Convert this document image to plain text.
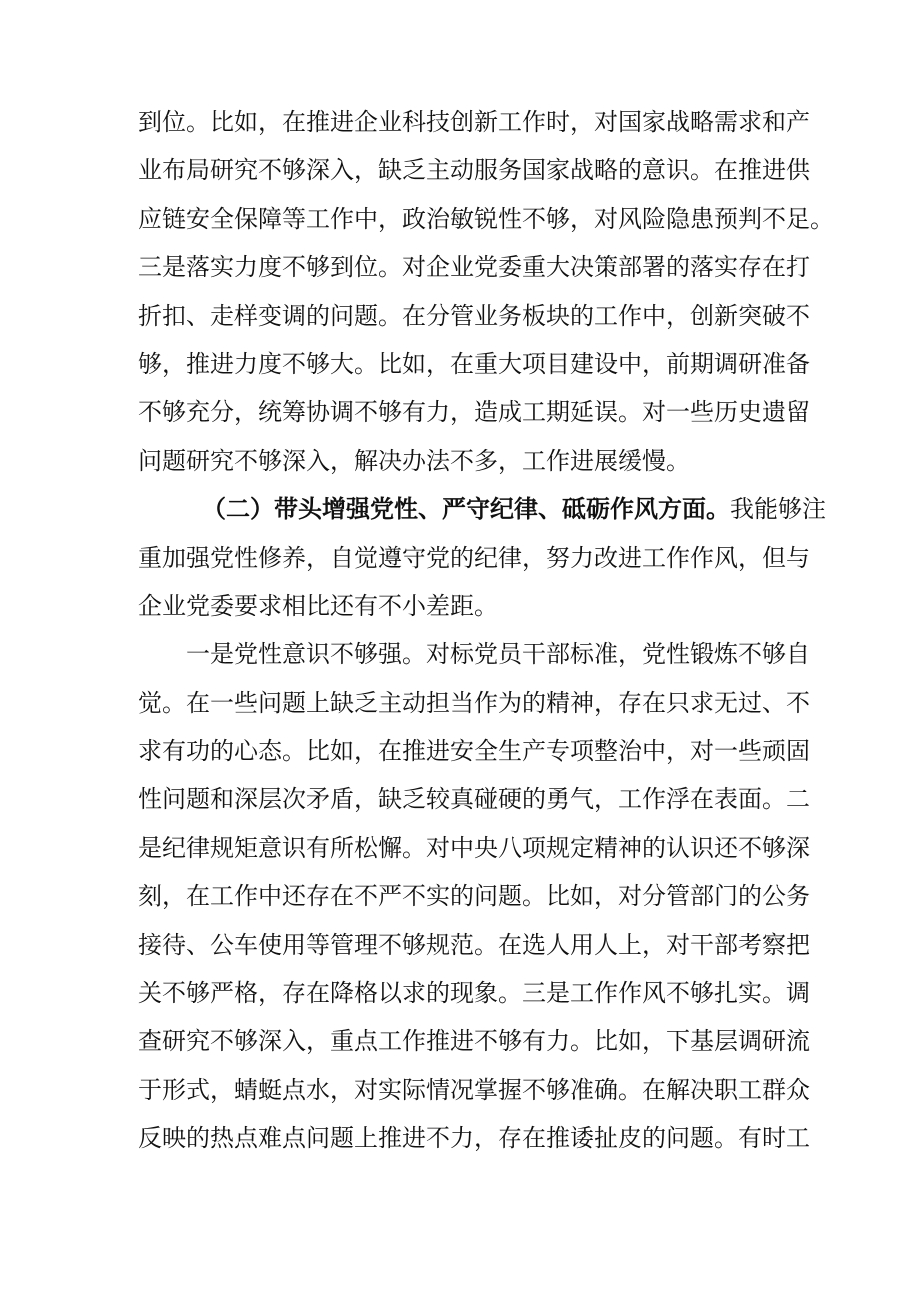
到位。比如，在推进企业科技创新工作时，对国家战略需求和产
业布局研究不够深入，缺乏主动服务国家战略的意识。在推进供
应链安全保障等工作中，政治敏锐性不够，对风险隐患预判不足。
三是落实力度不够到位。对企业党委重大决策部署的落实存在打
折扣、走样变调的问题。在分管业务板块的工作中，创新突破不
够，推进力度不够大。比如，在重大项目建设中，前期调研准备
不够充分，统筹协调不够有力，造成工期延误。对一些历史遗留
问题研究不够深入，解决办法不多，工作进展缓慢。
（二）带头增强党性、严守纪律、砥砺作风方面。我能够注
重加强党性修养，自觉遵守党的纪律，努力改进工作作风，但与
企业党委要求相比还有不小差距。
一是党性意识不够强。对标党员干部标准，党性锻炼不够自
觉。在一些问题上缺乏主动担当作为的精神，存在只求无过、不
求有功的心态。比如，在推进安全生产专项整治中，对一些顽固
性问题和深层次矛盾，缺乏较真碰硬的勇气，工作浮在表面。二
是纪律规矩意识有所松懈。对中央八项规定精神的认识还不够深
刻，在工作中还存在不严不实的问题。比如，对分管部门的公务
接待、公车使用等管理不够规范。在选人用人上，对干部考察把
关不够严格，存在降格以求的现象。三是工作作风不够扎实。调
查研究不够深入，重点工作推进不够有力。比如，下基层调研流
于形式，蜻蜓点水，对实际情况掌握不够准确。在解决职工群众
反映的热点难点问题上推进不力，存在推诿扯皮的问题。有时工
